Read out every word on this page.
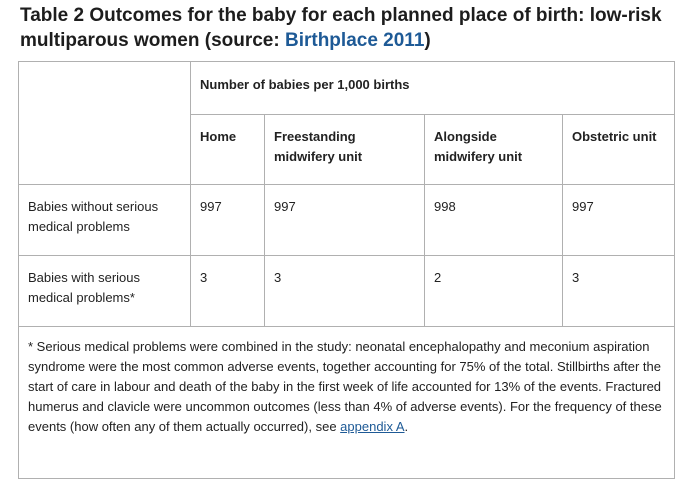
Table 2 Outcomes for the baby for each planned place of birth: low-risk multiparous women (source: Birthplace 2011)
	Number of babies per 1,000 births			
	Home	Freestanding midwifery unit	Alongside midwifery unit	Obstetric unit
Babies without serious medical problems	997	997	998	997
Babies with serious medical problems*	3	3	2	3
* Serious medical problems were combined in the study: neonatal encephalopathy and meconium aspiration syndrome were the most common adverse events, together accounting for 75% of the total. Stillbirths after the start of care in labour and death of the baby in the first week of life accounted for 13% of the events. Fractured humerus and clavicle were uncommon outcomes (less than 4% of adverse events). For the frequency of these events (how often any of them actually occurred), see appendix A.				
